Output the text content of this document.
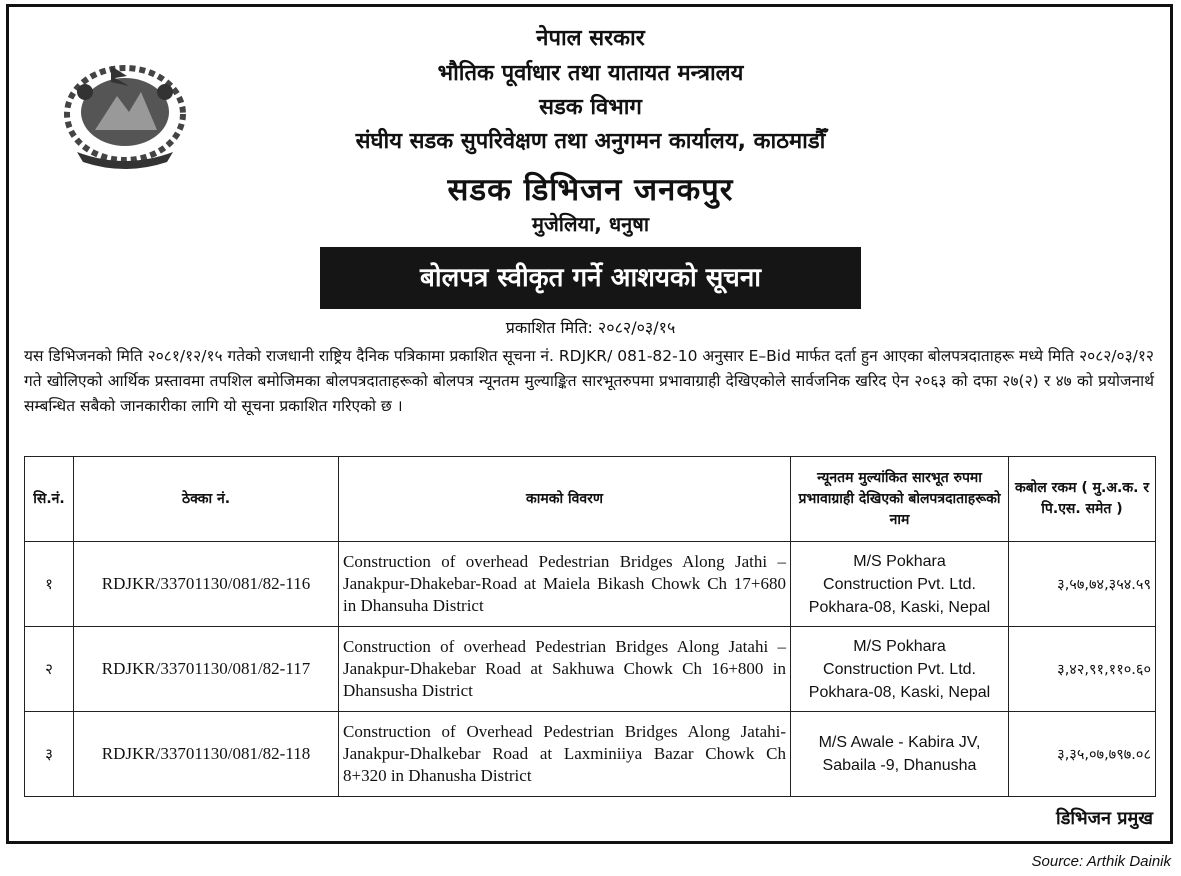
नेपाल सरकार
भौतिक पूर्वाधार तथा यातायत मन्त्रालय
सडक विभाग
संघीय सडक सुपरिवेक्षण तथा अनुगमन कार्यालय, काठमाडौँ
सडक डिभिजन जनकपुर
मुजेलिया, धनुषा
बोलपत्र स्वीकृत गर्ने आशयको सूचना
प्रकाशित मिति: २०८२/०३/१५
यस डिभिजनको मिति २०८१/१२/१५ गतेको राजधानी राष्ट्रिय दैनिक पत्रिकामा प्रकाशित सूचना नं. RDJKR/ 081-82-10 अनुसार E–Bid मार्फत दर्ता हुन आएका बोलपत्रदाताहरू मध्ये मिति २०८२/०३/१२ गते खोलिएको आर्थिक प्रस्तावमा तपशिल बमोजिमका बोलपत्रदाताहरूको बोलपत्र न्यूनतम मुल्याङ्कित सारभूतरुपमा प्रभावाग्राही देखिएकोले सार्वजनिक खरिद ऐन २०६३ को दफा २७(२) र ४७ को प्रयोजनार्थ सम्बन्धित सबैको जानकारीका लागि यो सूचना प्रकाशित गरिएको छ ।
सि.नं.	ठेक्का नं.	कामको विवरण	न्यूनतम मुल्यांकित सारभूत रुपमा प्रभावाग्राही देखिएको बोलपत्रदाताहरूको नाम	कबोल रकम ( मु.अ.क. र पि.एस. समेत )
१	RDJKR/33701130/081/82-116	Construction of overhead Pedestrian Bridges Along Jathi –Janakpur-Dhakebar-Road at Maiela Bikash Chowk Ch 17+680 in Dhansuha District	M/S Pokhara
Construction Pvt. Ltd.
Pokhara-08, Kaski, Nepal	३,५७,७४,३५४.५९
२	RDJKR/33701130/081/82-117	Construction of overhead Pedestrian Bridges Along Jatahi –Janakpur-Dhakebar Road at Sakhuwa Chowk Ch 16+800 in Dhansusha District	M/S Pokhara
Construction Pvt. Ltd.
Pokhara-08, Kaski, Nepal	३,४२,९१,११०.६०
३	RDJKR/33701130/081/82-118	Construction of Overhead Pedestrian Bridges Along Jatahi-Janakpur-Dhalkebar Road at Laxminiiya Bazar Chowk Ch 8+320 in Dhanusha District	M/S Awale - Kabira JV,
Sabaila -9, Dhanusha	३,३५,०७,७९७.०८
डिभिजन प्रमुख
Source: Arthik Dainik
